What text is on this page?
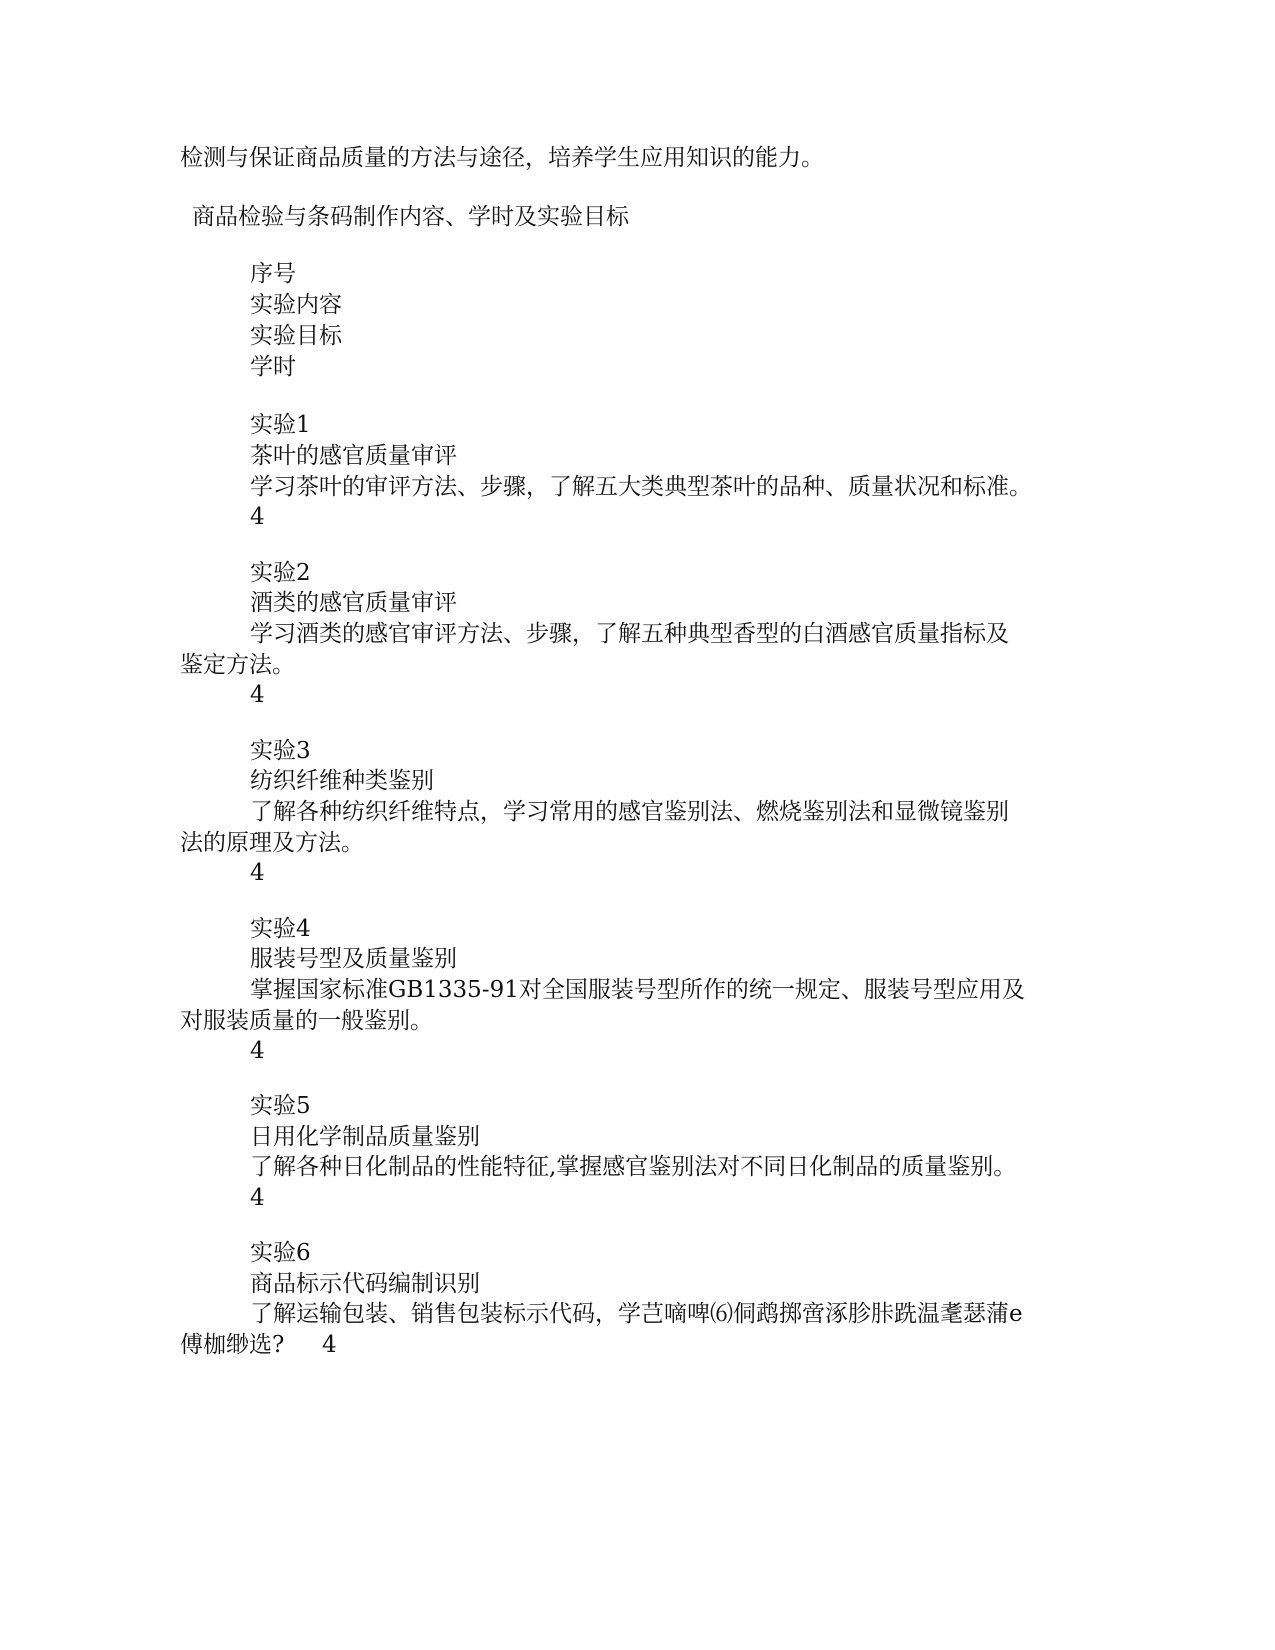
检测与保证商品质量的方法与途径，培养学生应用知识的能力。
商品检验与条码制作内容、学时及实验目标
序号
实验内容
实验目标
学时
实验1
茶叶的感官质量审评
学习茶叶的审评方法、步骤，了解五大类典型茶叶的品种、质量状况和标准。
4
实验2
酒类的感官质量审评
学习酒类的感官审评方法、步骤，了解五种典型香型的白酒感官质量指标及
鉴定方法。
4
实验3
纺织纤维种类鉴别
了解各种纺织纤维特点，学习常用的感官鉴别法、燃烧鉴别法和显微镜鉴别
法的原理及方法。
4
实验4
服装号型及质量鉴别
掌握国家标准GB1335-91对全国服装号型所作的统一规定、服装号型应用及
对服装质量的一般鉴别。
4
实验5
日用化学制品质量鉴别
了解各种日化制品的性能特征,掌握感官鉴别法对不同日化制品的质量鉴别。
4
实验6
商品标示代码编制识别
了解运输包装、销售包装标示代码，学芑嘀啤⑹侗鹉掷啻涿胗胩跣温耄瑟蒲e
傅枷缈选? 4
